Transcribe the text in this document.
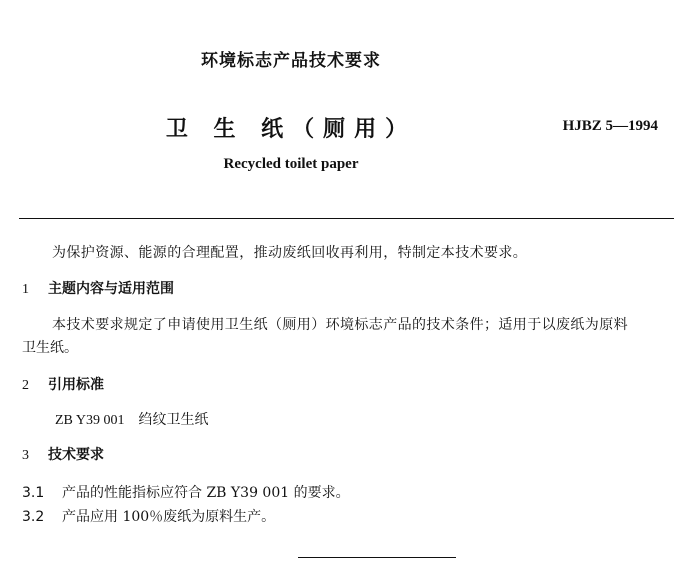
环境标志产品技术要求
卫 生 纸（厕用）	HJBZ 5—1994
Recycled toilet paper
为保护资源、能源的合理配置，推动废纸回收再利用，特制定本技术要求。
1 主题内容与适用范围
本技术要求规定了申请使用卫生纸（厕用）环境标志产品的技术条件；适用于以废纸为原料
卫生纸。
2 引用标准
ZB Y39 001 绉纹卫生纸
3 技术要求
3.1 产品的性能指标应符合 ZB Y39 001 的要求。
3.2 产品应用 100％废纸为原料生产。
